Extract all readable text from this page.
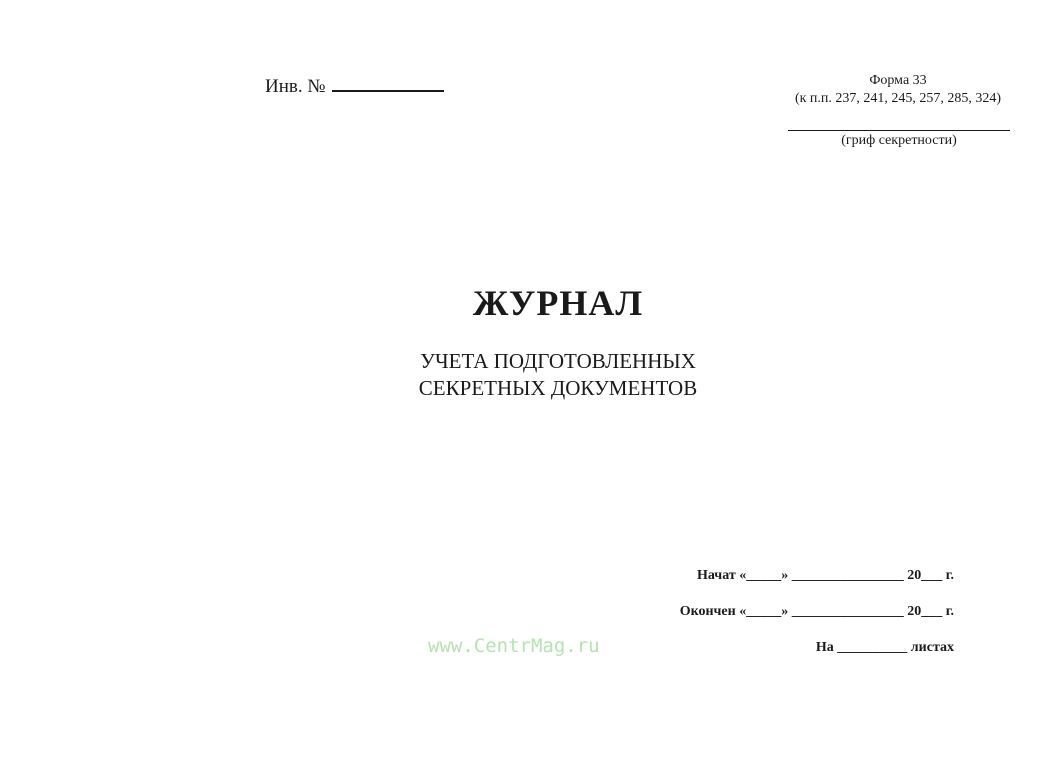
Инв. №	Форма 33
(к п.п. 237, 241, 245, 257, 285, 324)
(гриф секретности)
ЖУРНАЛ
УЧЕТА ПОДГОТОВЛЕННЫХ
СЕКРЕТНЫХ ДОКУМЕНТОВ
Начат «_____» ________________ 20___ г.
Окончен «_____» ________________ 20___ г.
На __________ листах
www.CentrMag.ru
